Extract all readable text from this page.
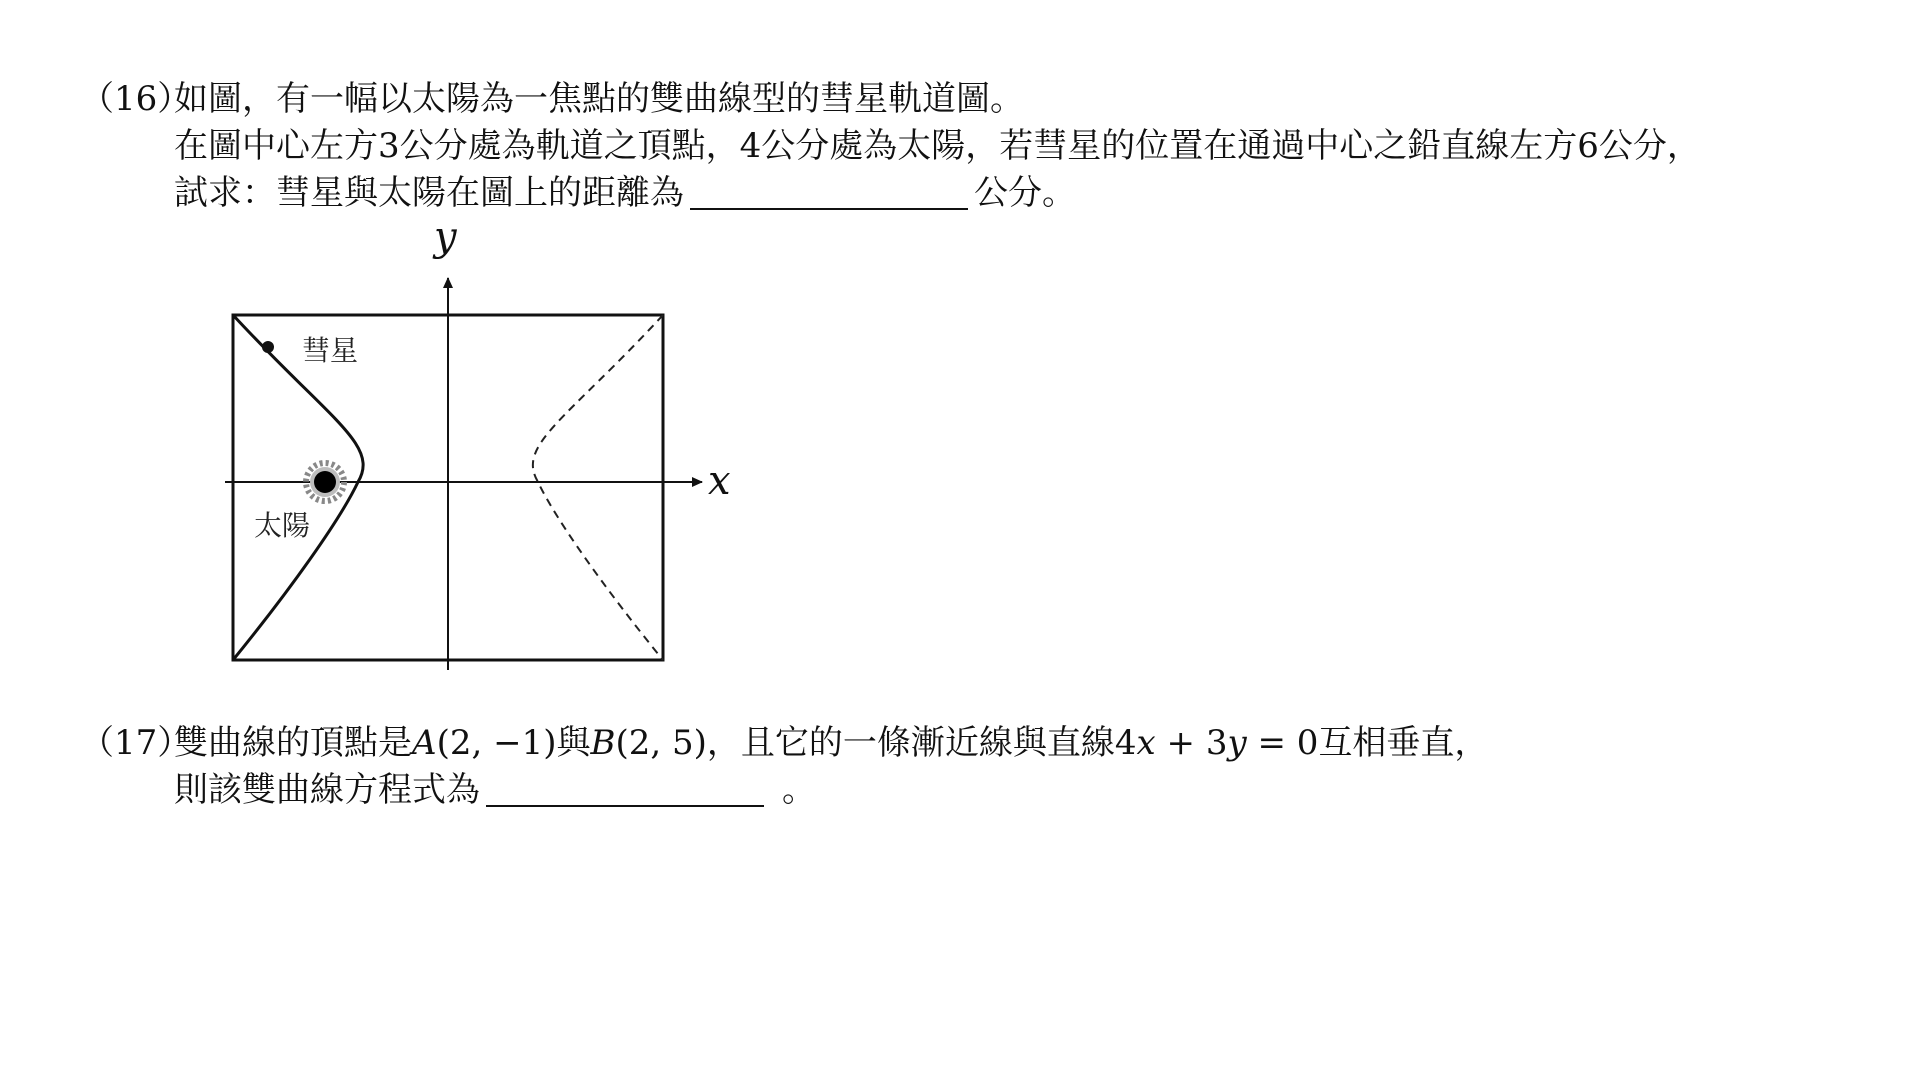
（16）如圖，有一幅以太陽為一焦點的雙曲線型的彗星軌道圖。
在圖中心左方3公分處為軌道之頂點，4公分處為太陽，若彗星的位置在通過中心之鉛直線左方6公分，
試求：彗星與太陽在圖上的距離為	公分。
x
y
彗星
太陽
（17）雙曲線的頂點是A(2, −1)與B(2, 5)，且它的一條漸近線與直線4x + 3y = 0互相垂直，
則該雙曲線方程式為	。
